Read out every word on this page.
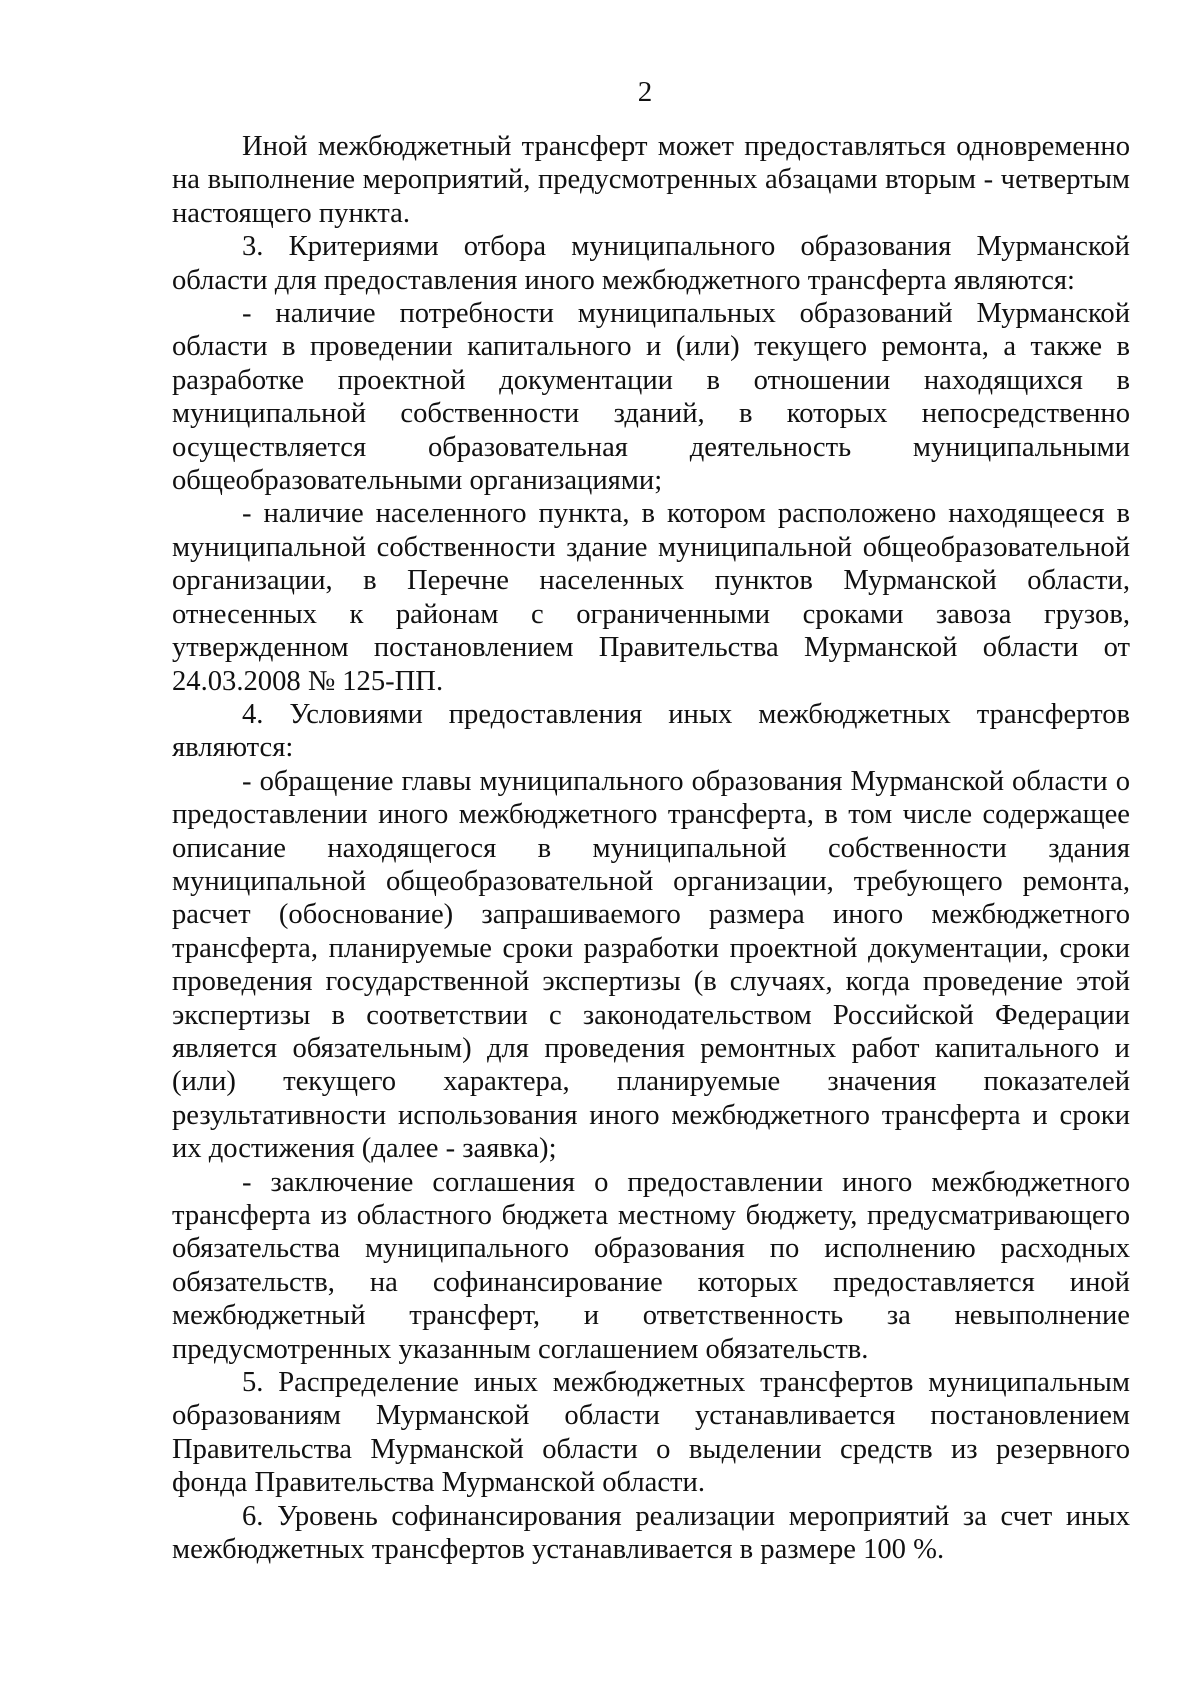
2

Иной межбюджетный трансферт может предоставляться одновременно на выполнение мероприятий, предусмотренных абзацами вторым - четвертым настоящего пункта.

3. Критериями отбора муниципального образования Мурманской области для предоставления иного межбюджетного трансферта являются:

- наличие потребности муниципальных образований Мурманской области в проведении капитального и (или) текущего ремонта, а также в разработке проектной документации в отношении находящихся в муниципальной собственности зданий, в которых непосредственно осуществляется образовательная деятельность муниципальными общеобразовательными организациями;

- наличие населенного пункта, в котором расположено находящееся в муниципальной собственности здание муниципальной общеобразовательной организации, в Перечне населенных пунктов Мурманской области, отнесенных к районам с ограниченными сроками завоза грузов, утвержденном постановлением Правительства Мурманской области от 24.03.2008 № 125-ПП.

4. Условиями предоставления иных межбюджетных трансфертов являются:

- обращение главы муниципального образования Мурманской области о предоставлении иного межбюджетного трансферта, в том числе содержащее описание находящегося в муниципальной собственности здания муниципальной общеобразовательной организации, требующего ремонта, расчет (обоснование) запрашиваемого размера иного межбюджетного трансферта, планируемые сроки разработки проектной документации, сроки проведения государственной экспертизы (в случаях, когда проведение этой экспертизы в соответствии с законодательством Российской Федерации является обязательным) для проведения ремонтных работ капитального и (или) текущего характера, планируемые значения показателей результативности использования иного межбюджетного трансферта и сроки их достижения (далее - заявка);

- заключение соглашения о предоставлении иного межбюджетного трансферта из областного бюджета местному бюджету, предусматривающего обязательства муниципального образования по исполнению расходных обязательств, на софинансирование которых предоставляется иной межбюджетный трансферт, и ответственность за невыполнение предусмотренных указанным соглашением обязательств.

5. Распределение иных межбюджетных трансфертов муниципальным образованиям Мурманской области устанавливается постановлением Правительства Мурманской области о выделении средств из резервного фонда Правительства Мурманской области.

6. Уровень софинансирования реализации мероприятий за счет иных межбюджетных трансфертов устанавливается в размере 100 %.
